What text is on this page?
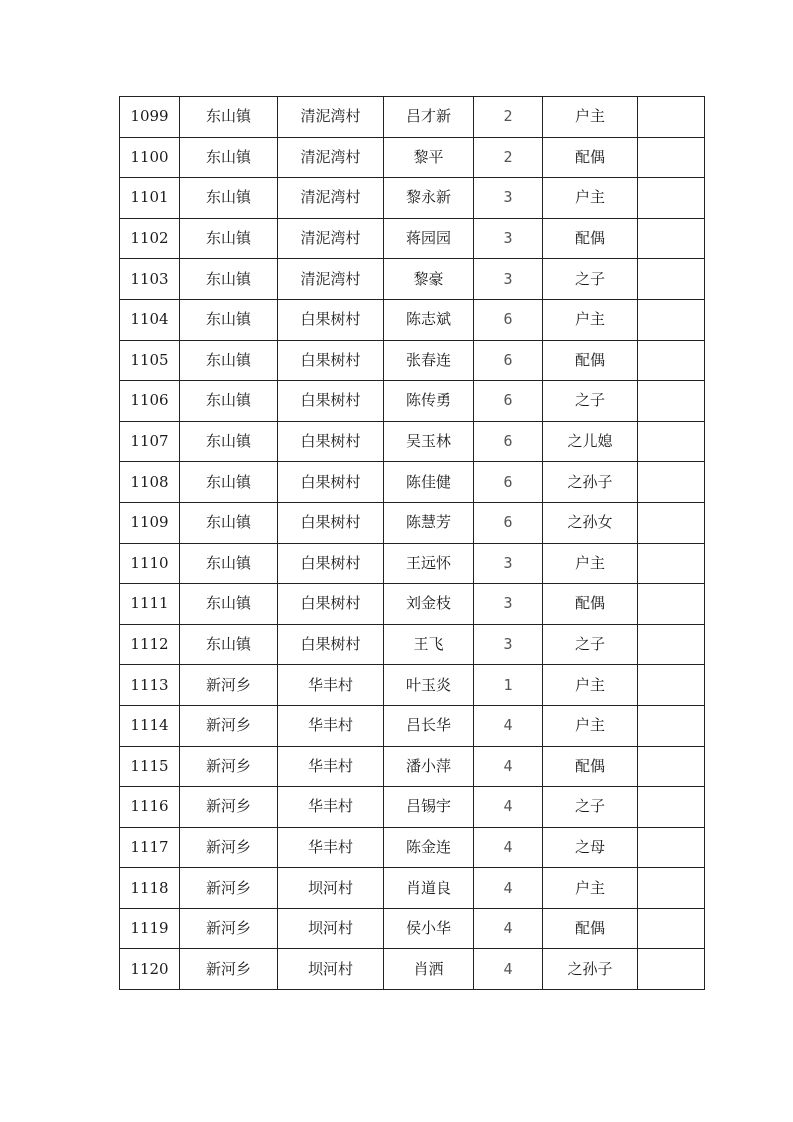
1099	东山镇	清泥湾村	吕才新	2	户主	
1100	东山镇	清泥湾村	黎平	2	配偶	
1101	东山镇	清泥湾村	黎永新	3	户主	
1102	东山镇	清泥湾村	蒋园园	3	配偶	
1103	东山镇	清泥湾村	黎豪	3	之子	
1104	东山镇	白果树村	陈志斌	6	户主	
1105	东山镇	白果树村	张春连	6	配偶	
1106	东山镇	白果树村	陈传勇	6	之子	
1107	东山镇	白果树村	吴玉林	6	之儿媳	
1108	东山镇	白果树村	陈佳健	6	之孙子	
1109	东山镇	白果树村	陈慧芳	6	之孙女	
1110	东山镇	白果树村	王远怀	3	户主	
1111	东山镇	白果树村	刘金枝	3	配偶	
1112	东山镇	白果树村	王飞	3	之子	
1113	新河乡	华丰村	叶玉炎	1	户主	
1114	新河乡	华丰村	吕长华	4	户主	
1115	新河乡	华丰村	潘小萍	4	配偶	
1116	新河乡	华丰村	吕锡宇	4	之子	
1117	新河乡	华丰村	陈金连	4	之母	
1118	新河乡	坝河村	肖道良	4	户主	
1119	新河乡	坝河村	侯小华	4	配偶	
1120	新河乡	坝河村	肖洒	4	之孙子	
